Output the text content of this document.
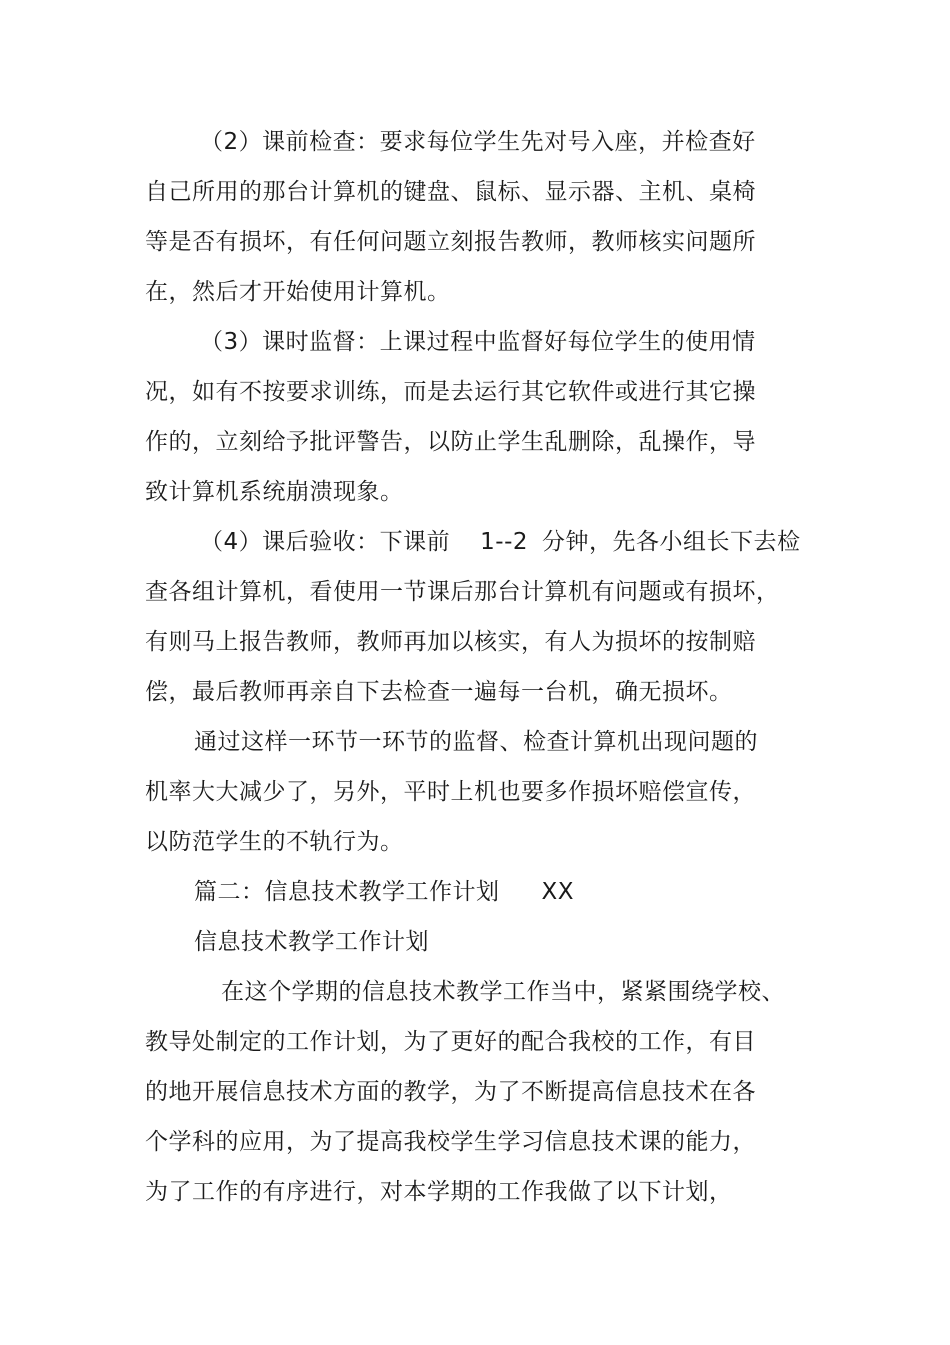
（2）课前检查：要求每位学生先对号入座，并检查好

自己所用的那台计算机的键盘、鼠标、显示器、主机、桌椅

等是否有损坏，有任何问题立刻报告教师，教师核实问题所

在，然后才开始使用计算机。

（3）课时监督：上课过程中监督好每位学生的使用情

况，如有不按要求训练，而是去运行其它软件或进行其它操

作的，立刻给予批评警告，以防止学生乱删除，乱操作，导

致计算机系统崩溃现象。

（4）课后验收：下课前 1--2 分钟，先各小组长下去检

查各组计算机，看使用一节课后那台计算机有问题或有损坏，

有则马上报告教师，教师再加以核实，有人为损坏的按制赔

偿，最后教师再亲自下去检查一遍每一台机，确无损坏。

通过这样一环节一环节的监督、检查计算机出现问题的

机率大大减少了，另外，平时上机也要多作损坏赔偿宣传，

以防范学生的不轨行为。

篇二：信息技术教学工作计划 XX

信息技术教学工作计划

在这个学期的信息技术教学工作当中，紧紧围绕学校、

教导处制定的工作计划，为了更好的配合我校的工作，有目

的地开展信息技术方面的教学，为了不断提高信息技术在各

个学科的应用，为了提高我校学生学习信息技术课的能力，

为了工作的有序进行，对本学期的工作我做了以下计划，
